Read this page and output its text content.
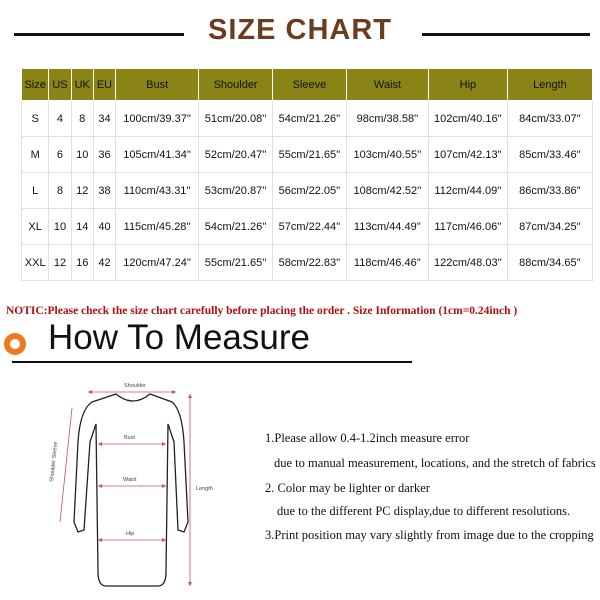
SIZE CHART
Size	US	UK	EU	Bust	Shoulder	Sleeve	Waist	Hip	Length
S	4	8	34	100cm/39.37''	51cm/20.08''	54cm/21.26''	98cm/38.58''	102cm/40.16''	84cm/33.07''
M	6	10	36	105cm/41.34''	52cm/20.47''	55cm/21.65''	103cm/40.55''	107cm/42.13''	85cm/33.46''
L	8	12	38	110cm/43.31''	53cm/20.87''	56cm/22.05''	108cm/42.52''	112cm/44.09''	86cm/33.86''
XL	10	14	40	115cm/45.28''	54cm/21.26''	57cm/22.44''	113cm/44.49''	117cm/46.06''	87cm/34.25''
XXL	12	16	42	120cm/47.24''	55cm/21.65''	58cm/22.83''	118cm/46.46''	122cm/48.03''	88cm/34.65''
NOTIC:Please check the size chart carefully before placing the order . Size Information (1cm=0.24inch )
How To Measure
Shoulder
Shoulder Sleeve
Bust
Waist
Hip
Length
1.Please allow 0.4-1.2inch measure error
due to manual measurement, locations, and the stretch of fabrics
2. Color may be lighter or darker
due to the different PC display,due to different resolutions.
3.Print position may vary slightly from image due to the cropping
